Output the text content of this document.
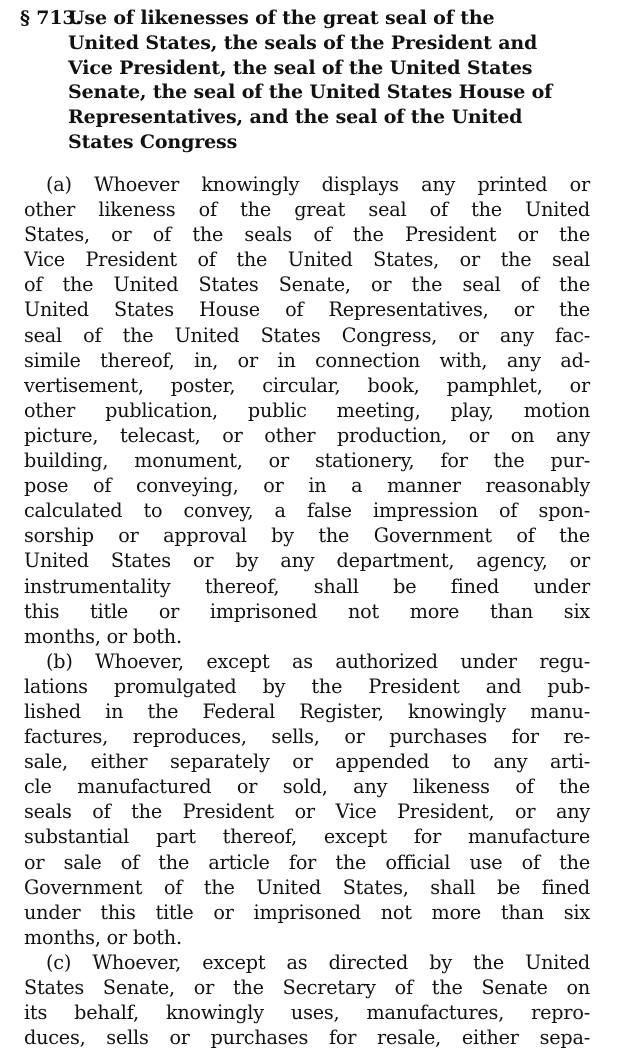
§ 713.
Use of likenesses of the great seal of the
United States, the seals of the President and
Vice President, the seal of the United States
Senate, the seal of the United States House of
Representatives, and the seal of the United
States Congress
(a) Whoever knowingly displays any printed or
other likeness of the great seal of the United
States, or of the seals of the President or the
Vice President of the United States, or the seal
of the United States Senate, or the seal of the
United States House of Representatives, or the
seal of the United States Congress, or any fac-
simile thereof, in, or in connection with, any ad-
vertisement, poster, circular, book, pamphlet, or
other publication, public meeting, play, motion
picture, telecast, or other production, or on any
building, monument, or stationery, for the pur-
pose of conveying, or in a manner reasonably
calculated to convey, a false impression of spon-
sorship or approval by the Government of the
United States or by any department, agency, or
instrumentality thereof, shall be fined under
this title or imprisoned not more than six
months, or both.
(b) Whoever, except as authorized under regu-
lations promulgated by the President and pub-
lished in the Federal Register, knowingly manu-
factures, reproduces, sells, or purchases for re-
sale, either separately or appended to any arti-
cle manufactured or sold, any likeness of the
seals of the President or Vice President, or any
substantial part thereof, except for manufacture
or sale of the article for the official use of the
Government of the United States, shall be fined
under this title or imprisoned not more than six
months, or both.
(c) Whoever, except as directed by the United
States Senate, or the Secretary of the Senate on
its behalf, knowingly uses, manufactures, repro-
duces, sells or purchases for resale, either sepa-
